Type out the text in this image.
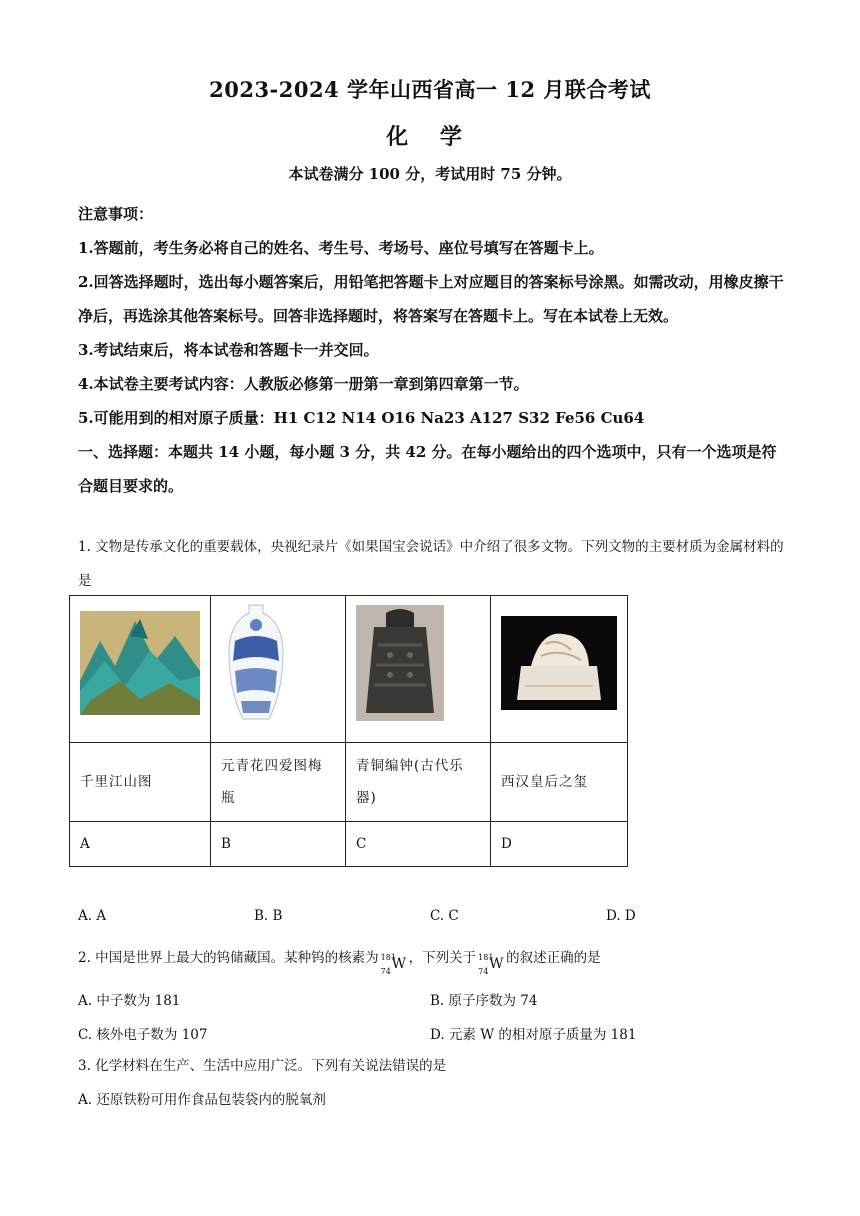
2023-2024 学年山西省高一 12 月联合考试
化 学
本试卷满分 100 分，考试用时 75 分钟。

注意事项：

1.答题前，考生务必将自己的姓名、考生号、考场号、座位号填写在答题卡上。

2.回答选择题时，选出每小题答案后，用铅笔把答题卡上对应题目的答案标号涂黑。如需改动，用橡皮擦干净后，再选涂其他答案标号。回答非选择题时，将答案写在答题卡上。写在本试卷上无效。

3.考试结束后，将本试卷和答题卡一并交回。

4.本试卷主要考试内容：人教版必修第一册第一章到第四章第一节。

5.可能用到的相对原子质量：H1 C12 N14 O16 Na23 A127 S32 Fe56 Cu64

一、选择题：本题共 14 小题，每小题 3 分，共 42 分。在每小题给出的四个选项中，只有一个选项是符合题目要求的。

1. 文物是传承文化的重要载体，央视纪录片《如果国宝会说话》中介绍了很多文物。下列文物的主要材质为金属材料的是

千里江山图	元青花四爱图梅瓶	青铜编钟(古代乐器)	西汉皇后之玺
A	B	C	D
A. A	B. B	C. C	D. D

2. 中国是世界上最大的钨储藏国。某种钨的核素为 181
74 W ，下列关于 181
74 W 的叙述正确的是

A. 中子数为 181	B. 原子序数为 74
C. 核外电子数为 107	D. 元素 W 的相对原子质量为 181

3. 化学材料在生产、生活中应用广泛。下列有关说法错误的是

A. 还原铁粉可用作食品包装袋内的脱氧剂
